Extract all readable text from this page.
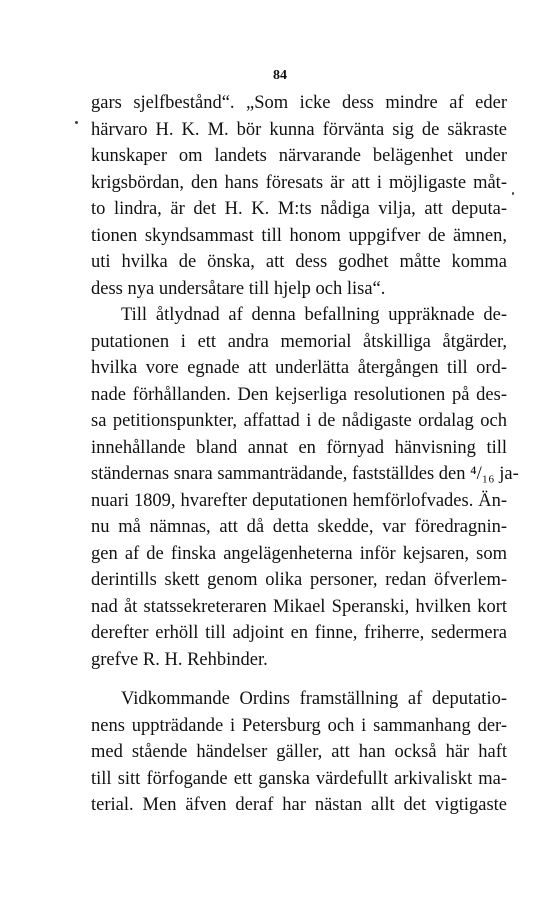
84

gars sjelfbestånd“. „Som icke dess mindre af eder
härvaro H. K. M. bör kunna förvänta sig de säkraste
kunskaper om landets närvarande belägenhet under
krigsbördan, den hans föresats är att i möjligaste måt-
to lindra, är det H. K. M:ts nådiga vilja, att deputa-
tionen skyndsammast till honom uppgifver de ämnen,
uti hvilka de önska, att dess godhet måtte komma
dess nya undersåtare till hjelp och lisa“.

Till åtlydnad af denna befallning uppräknade de-
putationen i ett andra memorial åtskilliga åtgärder,
hvilka vore egnade att underlätta återgången till ord-
nade förhållanden. Den kejserliga resolutionen på des-
sa petitionspunkter, affattad i de nådigaste ordalag och
innehållande bland annat en förnyad hänvisning till
ständernas snara sammanträdande, fastställdes den ⁴/₁₆ ja-
nuari 1809, hvarefter deputationen hemförlofvades. Än-
nu må nämnas, att då detta skedde, var föredragnin-
gen af de finska angelägenheterna inför kejsaren, som
derintills skett genom olika personer, redan öfverlem-
nad åt statssekreteraren Mikael Speranski, hvilken kort
derefter erhöll till adjoint en finne, friherre, sedermera
grefve R. H. Rehbinder.

Vidkommande Ordins framställning af deputatio-
nens uppträdande i Petersburg och i sammanhang der-
med stående händelser gäller, att han också här haft
till sitt förfogande ett ganska värdefullt arkivaliskt ma-
terial. Men äfven deraf har nästan allt det vigtigaste
